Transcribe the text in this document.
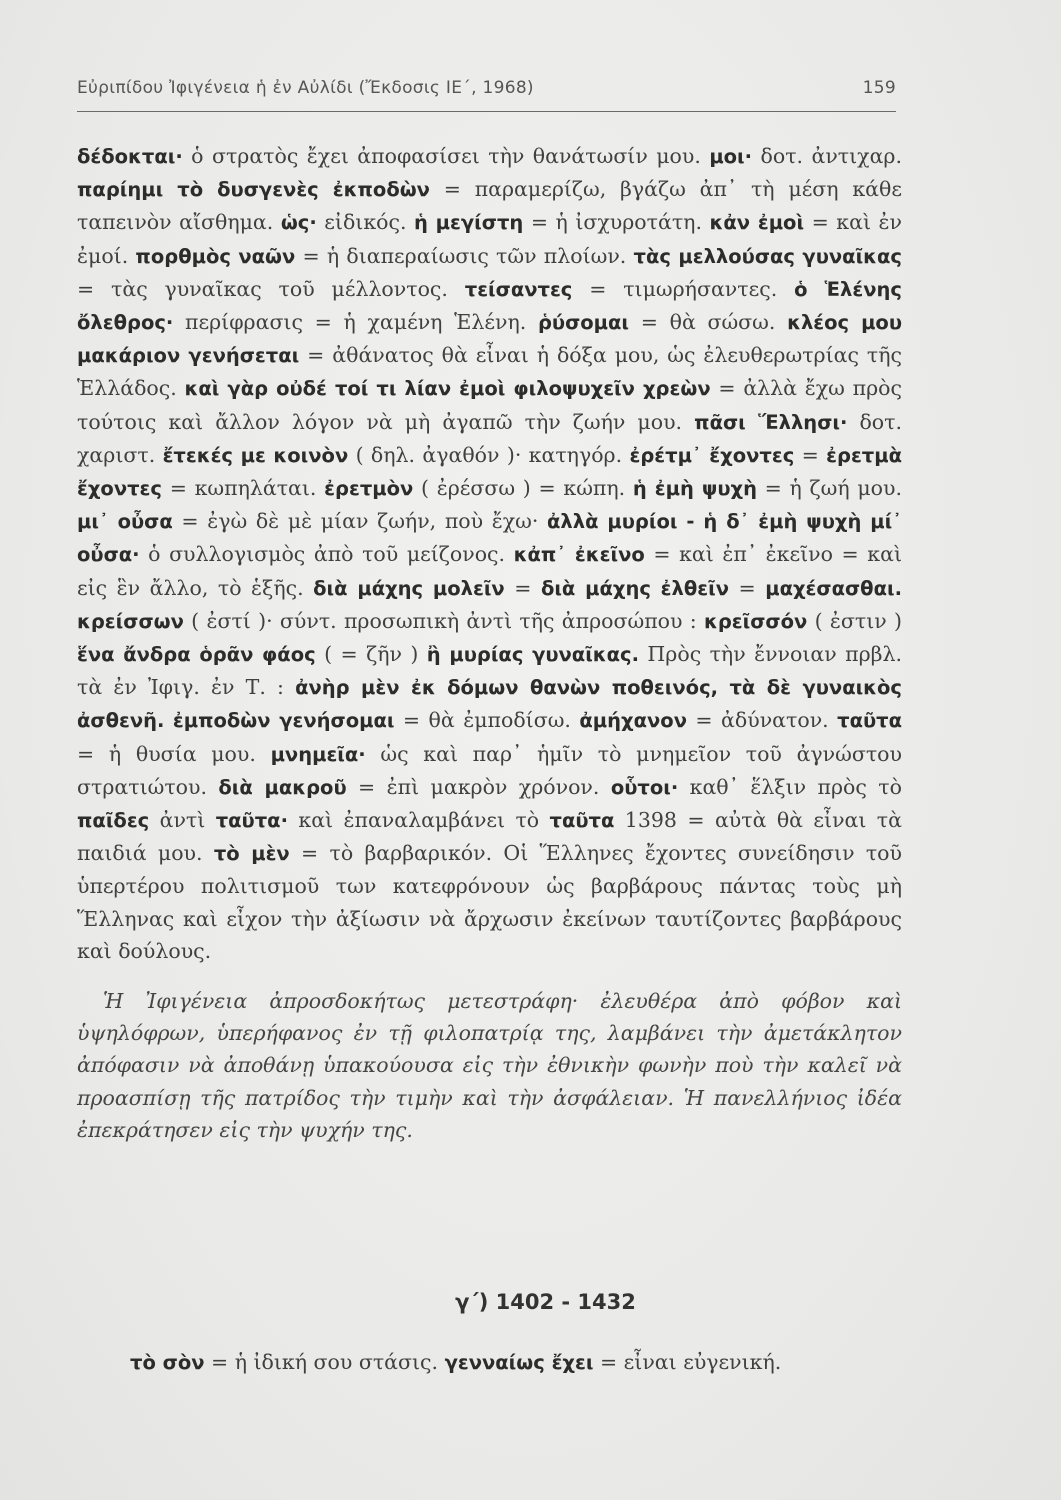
Εὐριπίδου Ἰφιγένεια ἡ ἐν Αὐλίδι (Ἔκδοσις ΙΕ΄, 1968)	159

δέδοκται· ὁ στρατὸς ἔχει ἀποφασίσει τὴν θανάτωσίν μου. μοι· δοτ. ἀντιχαρ. παρίημι τὸ δυσγενὲς ἐκποδὼν = παραμερίζω, βγάζω ἀπ᾽ τὴ μέση κάθε ταπεινὸν αἴσθημα. ὡς· εἰδικός. ἡ μεγίστη = ἡ ἰσχυροτάτη. κἀν ἐμοὶ = καὶ ἐν ἐμοί. πορθμὸς ναῶν = ἡ διαπεραίωσις τῶν πλοίων. τὰς μελλούσας γυναῖκας = τὰς γυναῖκας τοῦ μέλλοντος. τείσαντες = τιμωρήσαντες. ὁ Ἑλένης ὄλεθρος· περίφρασις = ἡ χαμένη Ἑλένη. ῥύσομαι = θὰ σώσω. κλέος μου μακάριον γενήσεται = ἀθάνατος θὰ εἶναι ἡ δόξα μου, ὡς ἐλευθερωτρίας τῆς Ἑλλάδος. καὶ γὰρ οὐδέ τοί τι λίαν ἐμοὶ φιλοψυχεῖν χρεὼν = ἀλλὰ ἔχω πρὸς τούτοις καὶ ἄλλον λόγον νὰ μὴ ἀγαπῶ τὴν ζωήν μου. πᾶσι Ἕλλησι· δοτ. χαριστ. ἔτεκές με κοινὸν ( δηλ. ἀγαθόν )· κατηγόρ. ἐρέτμ᾽ ἔχοντες = ἐρετμὰ ἔχοντες = κωπηλάται. ἐρετμὸν ( ἐρέσσω ) = κώπη. ἡ ἐμὴ ψυχὴ = ἡ ζωή μου. μι᾽ οὖσα = ἐγὼ δὲ μὲ μίαν ζωήν, ποὺ ἔχω· ἀλλὰ μυρίοι - ἡ δ᾽ ἐμὴ ψυχὴ μί᾽ οὖσα· ὁ συλλογισμὸς ἀπὸ τοῦ μείζονος. κἀπ᾽ ἐκεῖνο = καὶ ἐπ᾽ ἐκεῖνο = καὶ εἰς ἓν ἄλλο, τὸ ἑξῆς. διὰ μάχης μολεῖν = διὰ μάχης ἐλθεῖν = μαχέσασθαι. κρείσσων ( ἐστί )· σύντ. προσωπικὴ ἀντὶ τῆς ἀπροσώπου : κρεῖσσόν ( ἐστιν ) ἕνα ἄνδρα ὁρᾶν φάος ( = ζῆν ) ἢ μυρίας γυναῖκας. Πρὸς τὴν ἔννοιαν πρβλ. τὰ ἐν Ἰφιγ. ἐν Τ. : ἀνὴρ μὲν ἐκ δόμων θανὼν ποθεινός, τὰ δὲ γυναικὸς ἀσθενῆ. ἐμποδὼν γενήσομαι = θὰ ἐμποδίσω. ἀμήχανον = ἀδύνατον. ταῦτα = ἡ θυσία μου. μνημεῖα· ὡς καὶ παρ᾽ ἡμῖν τὸ μνημεῖον τοῦ ἀγνώστου στρατιώτου. διὰ μακροῦ = ἐπὶ μακρὸν χρόνον. οὗτοι· καθ᾽ ἕλξιν πρὸς τὸ παῖδες ἀντὶ ταῦτα· καὶ ἐπαναλαμβάνει τὸ ταῦτα 1398 = αὐτὰ θὰ εἶναι τὰ παιδιά μου. τὸ μὲν = τὸ βαρβαρικόν. Οἱ Ἕλληνες ἔχοντες συνείδησιν τοῦ ὑπερτέρου πολιτισμοῦ των κατεφρόνουν ὡς βαρβάρους πάντας τοὺς μὴ Ἕλληνας καὶ εἶχον τὴν ἀξίωσιν νὰ ἄρχωσιν ἐκείνων ταυτίζοντες βαρβάρους καὶ δούλους.

Ἡ Ἰφιγένεια ἀπροσδοκήτως μετεστράφη· ἐλευθέρα ἀπὸ φόβον καὶ ὑψηλόφρων, ὑπερήφανος ἐν τῇ φιλοπατρίᾳ της, λαμβάνει τὴν ἀμετάκλητον ἀπόφασιν νὰ ἀποθάνῃ ὑπακούουσα εἰς τὴν ἐθνικὴν φωνὴν ποὺ τὴν καλεῖ νὰ προασπίσῃ τῆς πατρίδος τὴν τιμὴν καὶ τὴν ἀσφάλειαν. Ἡ πανελλήνιος ἰδέα ἐπεκράτησεν εἰς τὴν ψυχήν της.

γ΄) 1402 - 1432
τὸ σὸν = ἡ ἰδική σου στάσις. γενναίως ἔχει = εἶναι εὐγενική.
